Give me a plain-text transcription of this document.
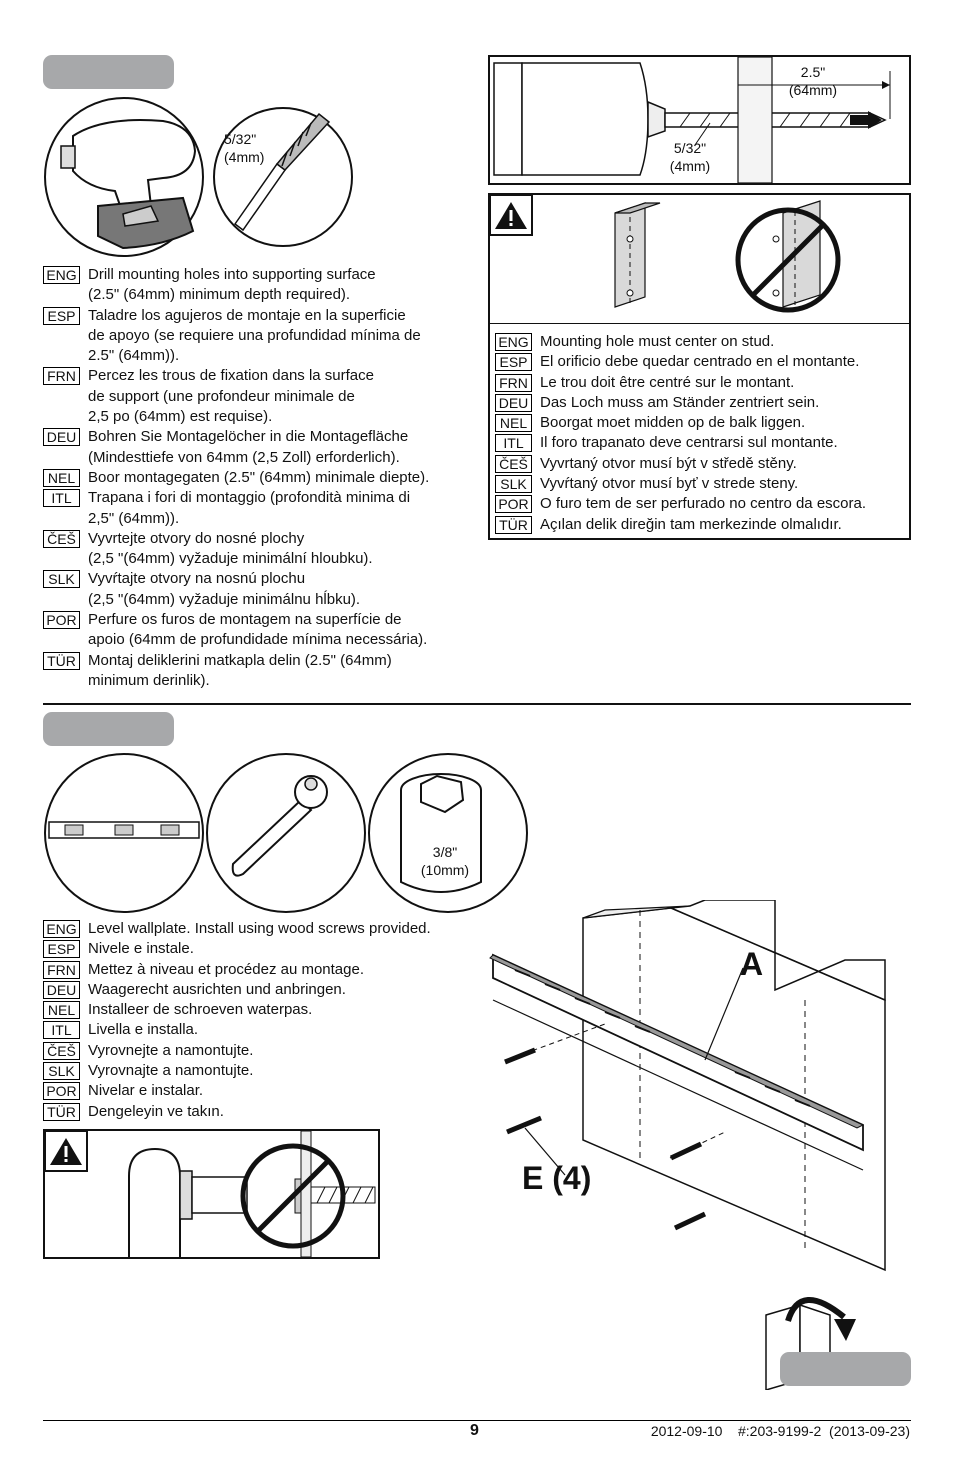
5/32"
(4mm)
ENG Drill mounting holes into supporting surface
(2.5" (64mm) minimum depth required).
ESP Taladre los agujeros de montaje en la superficie
de apoyo (se requiere una profundidad mínima de
2.5" (64mm)).
FRN Percez les trous de fixation dans la surface
de support (une profondeur minimale de
2,5 po (64mm) est requise).
DEU Bohren Sie Montagelöcher in die Montagefläche
(Mindesttiefe von 64mm (2,5 Zoll) erforderlich).
NEL Boor montagegaten (2.5" (64mm) minimale diepte).
ITL	Trapana i fori di montaggio (profondità minima di
2,5" (64mm)).
ČEŠ Vyvrtejte otvory do nosné plochy
(2,5 "(64mm) vyžaduje minimální hloubku).
SLK Vyvŕtajte otvory na nosnú plochu
(2,5 "(64mm) vyžaduje minimálnu hĺbku).
POR Perfure os furos de montagem na superfície de
apoio (64mm de profundidade mínima necessária).
TÜR Montaj deliklerini matkapla delin (2.5" (64mm)
minimum derinlik).
2.5"
(64mm)
5/32"
(4mm)
ENG Mounting hole must center on stud.
ESP El orificio debe quedar centrado en el montante.
FRN Le trou doit être centré sur le montant.
DEU Das Loch muss am Ständer zentriert sein.
NEL Boorgat moet midden op de balk liggen.
ITL	Il foro trapanato deve centrarsi sul montante.
ČEŠ Vyvrtaný otvor musí být v středě stěny.
SLK Vyvŕtaný otvor musí byť v strede steny.
POR O furo tem de ser perfurado no centro da escora.
TÜR Açılan delik direğin tam merkezinde olmalıdır.
3/8"
(10mm)
ENG Level wallplate. Install using wood screws provided.
ESP Nivele e instale.
FRN Mettez à niveau et procédez au montage.
DEU Waagerecht ausrichten und anbringen.
NEL Installeer de schroeven waterpas.
ITL	Livella e installa.
ČEŠ Vyrovnejte a namontujte.
SLK Vyrovnajte a namontujte.
POR Nivelar e instalar.
TÜR Dengeleyin ve takın.
A
E (4)
9	2012-09-10    #:203-9199-2  (2013-09-23)
